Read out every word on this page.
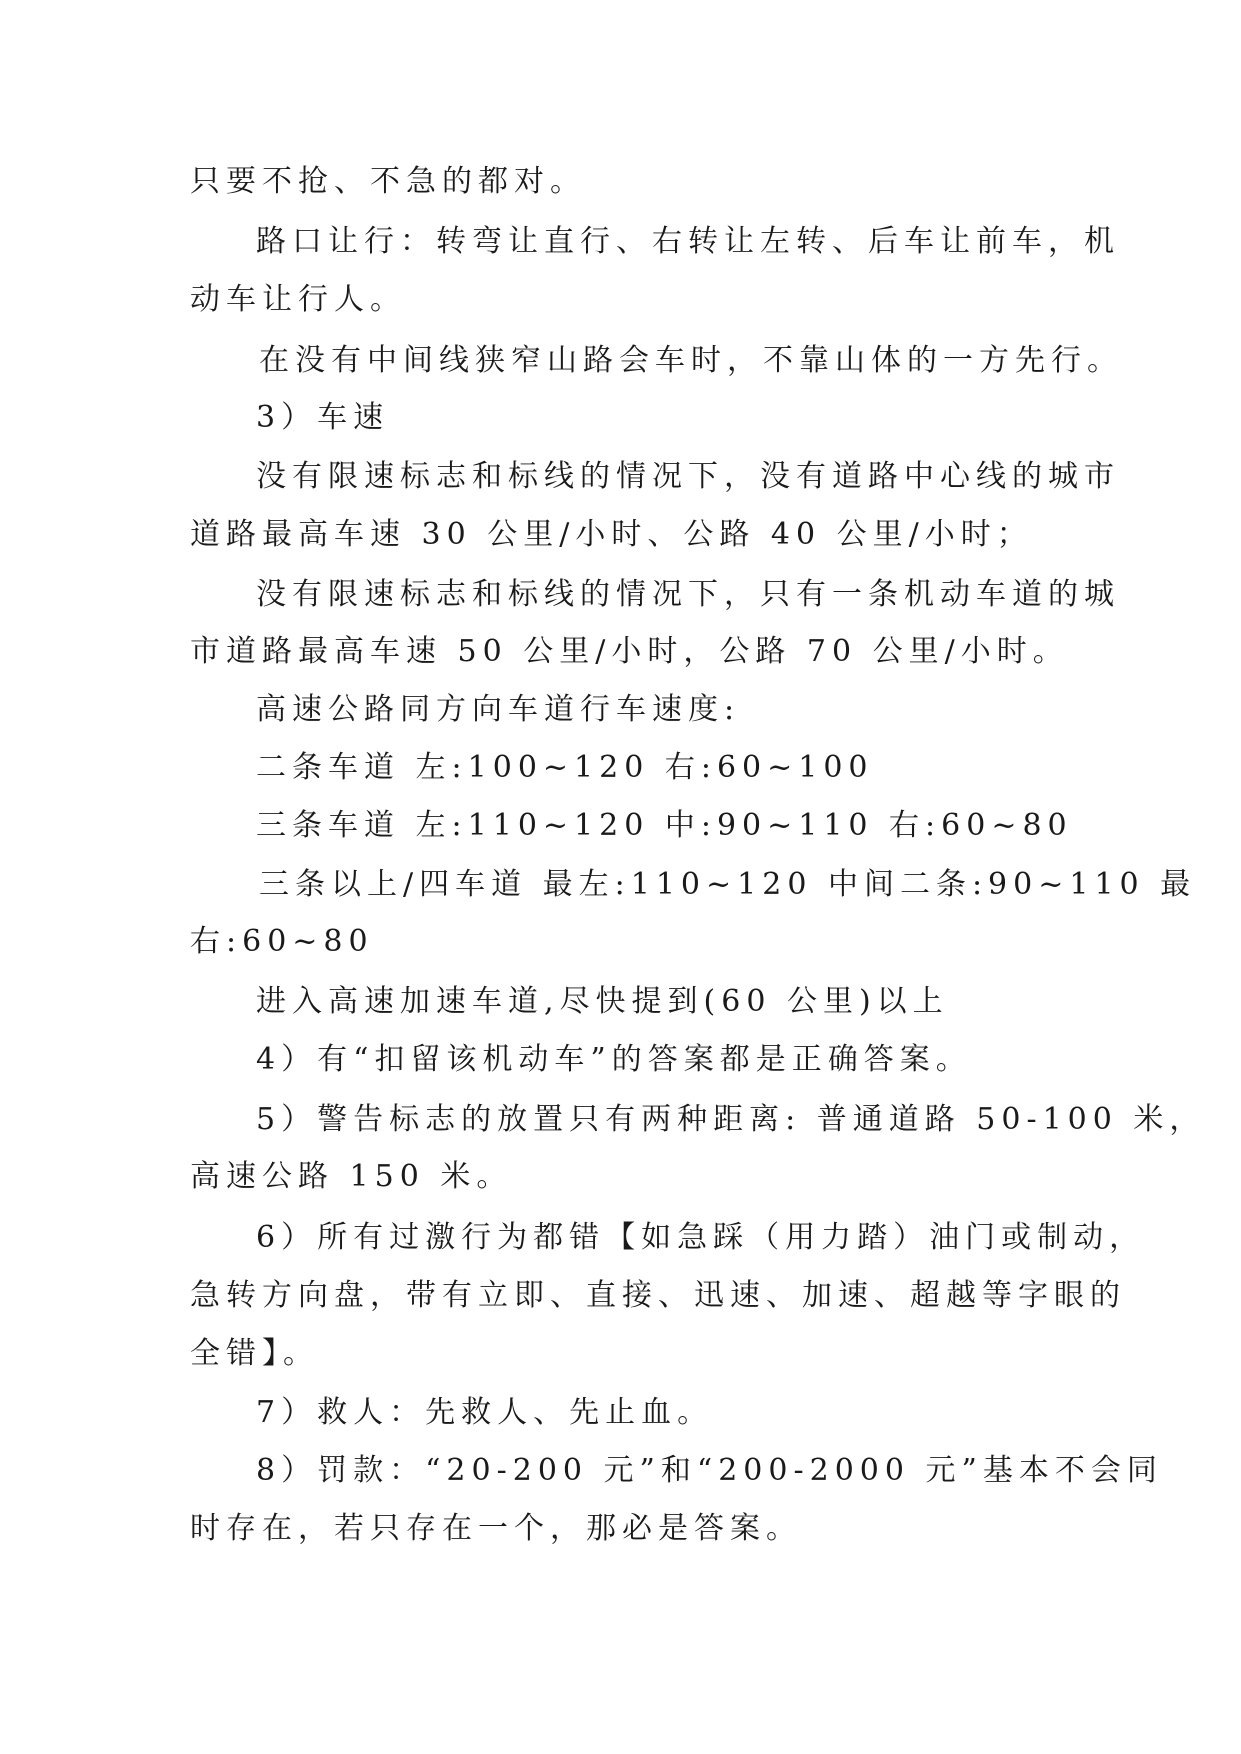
只要不抢、不急的都对。
路口让行：转弯让直行、右转让左转、后车让前车，机
动车让行人。
在没有中间线狭窄山路会车时，不靠山体的一方先行。
3）车速
没有限速标志和标线的情况下，没有道路中心线的城市
道路最高车速 30 公里/小时、公路 40 公里/小时；
没有限速标志和标线的情况下，只有一条机动车道的城
市道路最高车速 50 公里/小时，公路 70 公里/小时。
高速公路同方向车道行车速度:
二条车道 左:100~120 右:60~100
三条车道 左:110~120 中:90~110 右:60~80
三条以上/四车道 最左:110~120 中间二条:90~110 最
右:60~80
进入高速加速车道,尽快提到(60 公里)以上
4）有“扣留该机动车”的答案都是正确答案。
5）警告标志的放置只有两种距离: 普通道路 50-100 米，
高速公路 150 米。
6）所有过激行为都错【如急踩（用力踏）油门或制动，
急转方向盘，带有立即、直接、迅速、加速、超越等字眼的
全错】。
7）救人：先救人、先止血。
8）罚款：“20-200 元”和“200-2000 元”基本不会同
时存在，若只存在一个，那必是答案。
